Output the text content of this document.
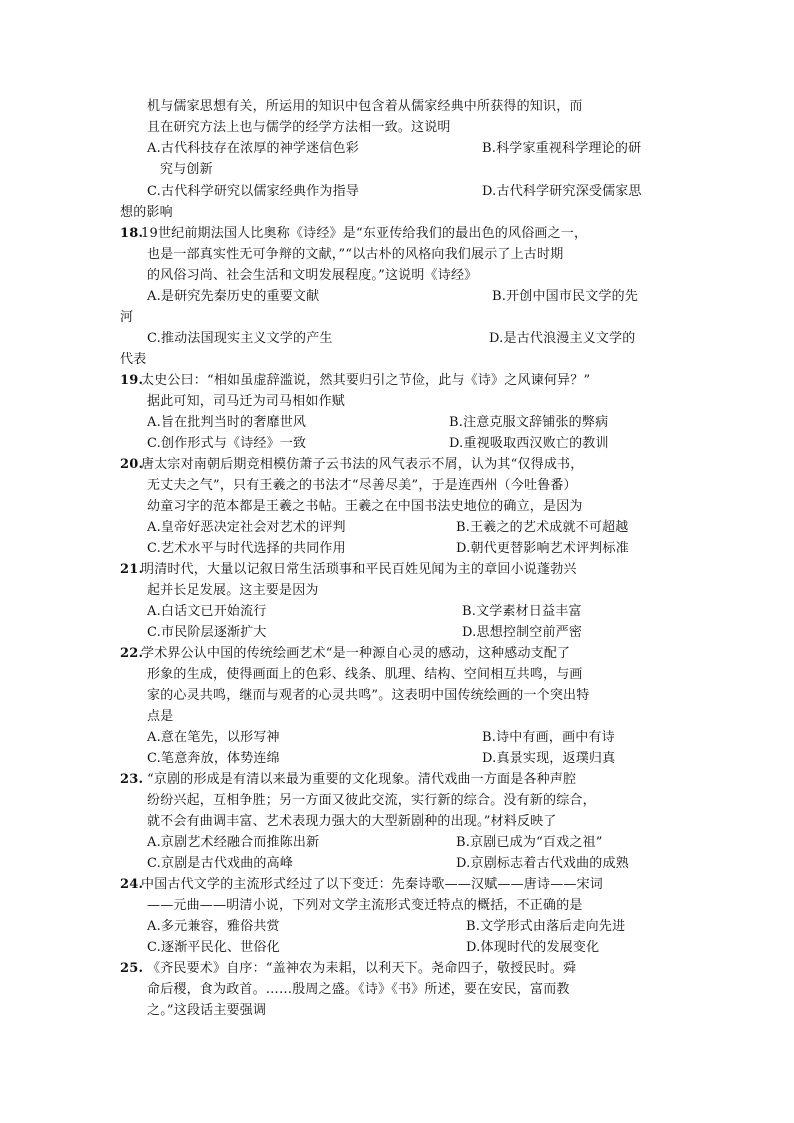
机与儒家思想有关，所运用的知识中包含着从儒家经典中所获得的知识，而
且在研究方法上也与儒学的经学方法相一致。这说明
A.古代科技存在浓厚的神学迷信色彩	B.科学家重视科学理论的研
究与创新
C.古代科学研究以儒家经典作为指导	D.古代科学研究深受儒家思
想的影响
18.
19世纪前期法国人比奥称《诗经》是“东亚传给我们的最出色的风俗画之一，
也是一部真实性无可争辩的文献，”“以古朴的风格向我们展示了上古时期
的风俗习尚、社会生活和文明发展程度。”这说明《诗经》
A.是研究先秦历史的重要文献	B.开创中国市民文学的先
河
C.推动法国现实主义文学的产生	D.是古代浪漫主义文学的
代表
19.
太史公曰：“相如虽虚辞滥说，然其要归引之节俭，此与《诗》之风谏何异？”
据此可知，司马迁为司马相如作赋
A.旨在批判当时的奢靡世风	B.注意克服文辞铺张的弊病
C.创作形式与《诗经》一致	D.重视吸取西汉败亡的教训
20.
唐太宗对南朝后期竞相模仿萧子云书法的风气表示不屑，认为其“仅得成书，
无丈夫之气”，只有王羲之的书法才“尽善尽美”，于是连西州（今吐鲁番）
幼童习字的范本都是王羲之书帖。王羲之在中国书法史地位的确立，是因为
A.皇帝好恶决定社会对艺术的评判	B.王羲之的艺术成就不可超越
C.艺术水平与时代选择的共同作用	D.朝代更替影响艺术评判标准
21.
明清时代，大量以记叙日常生活琐事和平民百姓见闻为主的章回小说蓬勃兴
起并长足发展。这主要是因为
A.白话文已开始流行	B.文学素材日益丰富
C.市民阶层逐渐扩大	D.思想控制空前严密
22.
学术界公认中国的传统绘画艺术“是一种源自心灵的感动，这种感动支配了
形象的生成，使得画面上的色彩、线条、肌理、结构、空间相互共鸣，与画
家的心灵共鸣，继而与观者的心灵共鸣”。这表明中国传统绘画的一个突出特
点是
A.意在笔先，以形写神	B.诗中有画，画中有诗
C.笔意奔放，体势连绵	D.真景实现，返璞归真
23. “京剧的形成是有清以来最为重要的文化现象。清代戏曲一方面是各种声腔
纷纷兴起，互相争胜；另一方面又彼此交流，实行新的综合。没有新的综合，
就不会有曲调丰富、艺术表现力强大的大型新剧种的出现。”材料反映了
A.京剧艺术经融合而推陈出新	B.京剧已成为“百戏之祖”
C.京剧是古代戏曲的高峰	D.京剧标志着古代戏曲的成熟
24.
中国古代文学的主流形式经过了以下变迁：先秦诗歌——汉赋——唐诗——宋词
——元曲——明清小说，下列对文学主流形式变迁特点的概括，不正确的是
A.多元兼容，雅俗共赏	B.文学形式由落后走向先进
C.逐渐平民化、世俗化	D.体现时代的发展变化
25. 《齐民要术》自序：“盖神农为耒耜，以利天下。尧命四子，敬授民时。舜
命后稷，食为政首。……殷周之盛。《诗》《书》所述，要在安民，富而教
之。”这段话主要强调
